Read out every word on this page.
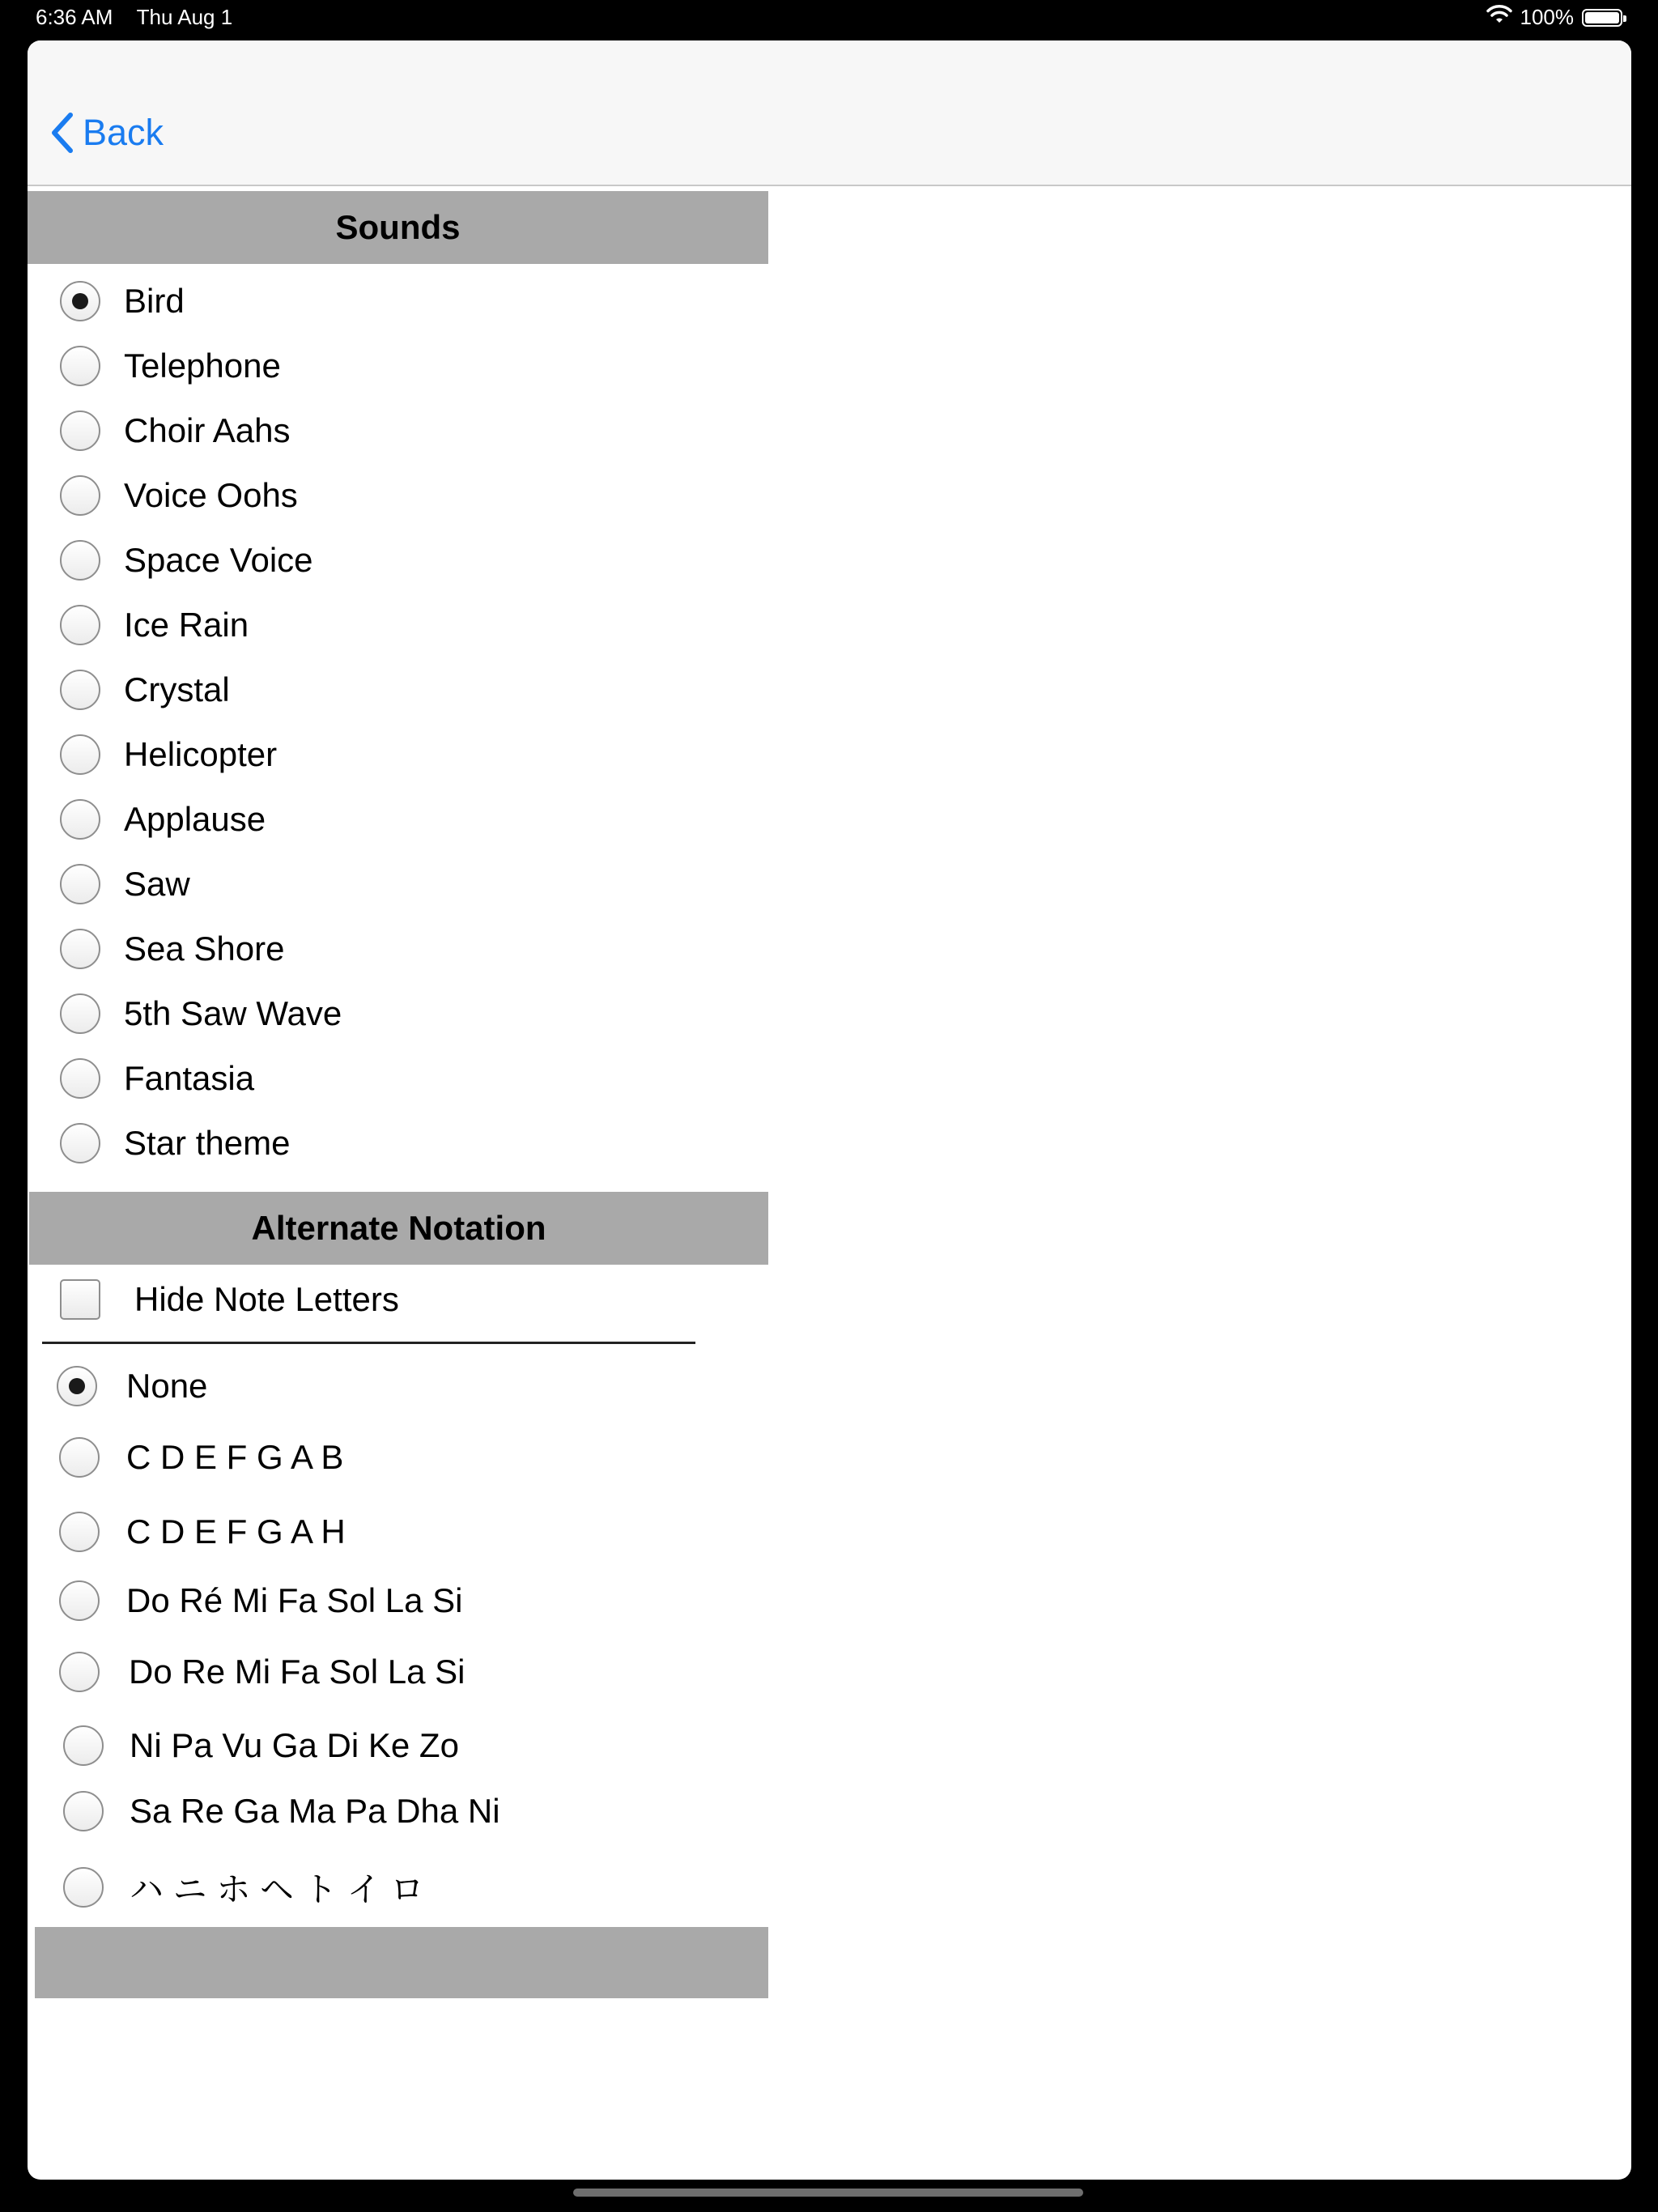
6:36 AM Thu Aug 1	100%
Back
Sounds
Bird
Telephone
Choir Aahs
Voice Oohs
Space Voice
Ice Rain
Crystal
Helicopter
Applause
Saw
Sea Shore
5th Saw Wave
Fantasia
Star theme
Alternate Notation
Hide Note Letters
None
C D E F G A B
C D E F G A H
Do Ré Mi Fa Sol La Si
Do Re Mi Fa Sol La Si
Ni Pa Vu Ga Di Ke Zo
Sa Re Ga Ma Pa Dha Ni
ハ ニ ホ ヘ ト イ ロ
